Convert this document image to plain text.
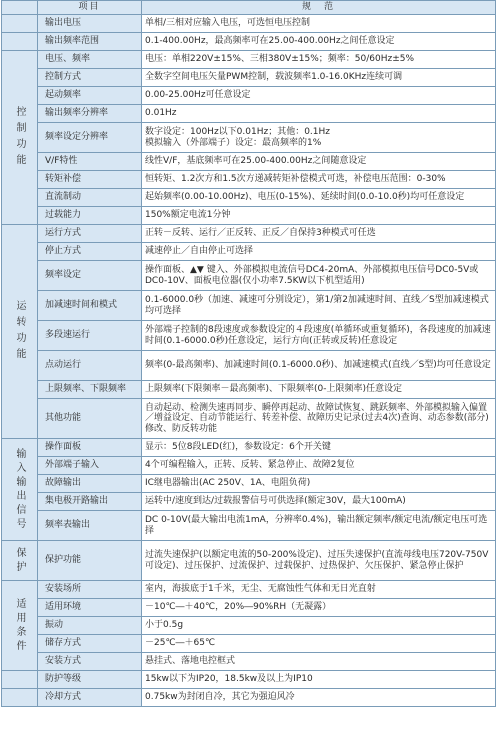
	项目	规　范
	输出电压	单相/三相对应输入电压，可选恒电压控制
	输出频率范围	0.1-400.00Hz，最高频率可在25.00-400.00Hz之间任意设定
控制功能	电压、频率	电压：单相220V±15%、三相380V±15%；频率：50/60Hz±5%
	控制方式	全数字空间电压矢量PWM控制，载波频率1.0-16.0KHz连续可调
	起动频率	0.00-25.00Hz可任意设定
	输出频率分辨率	0.01Hz
	频率设定分辨率	数字设定：100Hz以下0.01Hz；其他：0.1Hz
模拟输入（外部端子）设定：最高频率的1%
	V/F特性	线性V/F，基底频率可在25.00-400.00Hz之间随意设定
	转矩补偿	恒转矩、1.2次方和1.5次方递减转矩补偿模式可选，补偿电压范围：0-30%
	直流制动	起始频率(0.00-10.00Hz)、电压(0-15%)、延续时间(0.0-10.0秒)均可任意设定
	过载能力	150%额定电流1分钟
运转功能	运行方式	正转－反转、运行／正反转、正反／自保持3种模式可任选
	停止方式	减速停止／自由停止可选择
	频率设定	操作面板、▲▼ 键入、外部模拟电流信号DC4-20mA、外部模拟电压信号DC0-5V或DC0-10V、面板电位器(仅小功率7.5KW以下机型适用)
	加减速时间和模式	0.1-6000.0秒（加速、减速可分别设定），第1/第2加减速时间、直线／S型加减速模式均可选择
	多段速运行	外部端子控制的8段速度或参数设定的４段速度(单循环或重复循环)，各段速度的加减速时间(0.1-6000.0秒)任意设定，运行方向(正转或反转)任意设定
	点动运行	频率(0-最高频率)、加减速时间(0.1-6000.0秒)、加减速模式(直线／S型)均可任意设定
	上限频率、下限频率	上限频率(下限频率－最高频率)、下限频率(0-上限频率)任意设定
	其他功能	自动起动、检测失速再同步、瞬停再起动、故障试恢复、跳跃频率、外部模拟输入偏置／增益设定、自动节能运行、转差补偿、故障历史记录(过去4次)查询、动态参数(部分)修改、防反转功能
输入输出信号	操作面板	显示：5位8段LED(红)，参数设定：6个开关键
	外部端子输入	4个可编程输入，正转、反转、紧急停止、故障2复位
	故障输出	IC继电器输出(AC 250V、1A、电阻负荷)
	集电极开路输出	运转中/速度到达/过载报警信号可供选择(额定30V，最大100mA)
	频率表输出	DC 0-10V(最大输出电流1mA，分辨率0.4%)，输出额定频率/额定电流/额定电压可选择
保护	保护功能	过流失速保护(以额定电流的50-200%设定)、过压失速保护(直流母线电压720V-750V可设定)、过压保护、过流保护、过载保护、过热保护、欠压保护、紧急停止保护
适用条件	安装场所	室内，海拔底于1千米，无尘、无腐蚀性气体和无日光直射
	适用环境	－10℃―＋40℃，20%―90%RH（无凝露）
	振动	小于0.5g
	储存方式	－25℃―＋65℃
	安装方式	悬挂式、落地电控框式
	防护等级	15kw以下为IP20，18.5kw及以上为IP10
	冷却方式	0.75kw为封闭自冷，其它为强迫风冷
